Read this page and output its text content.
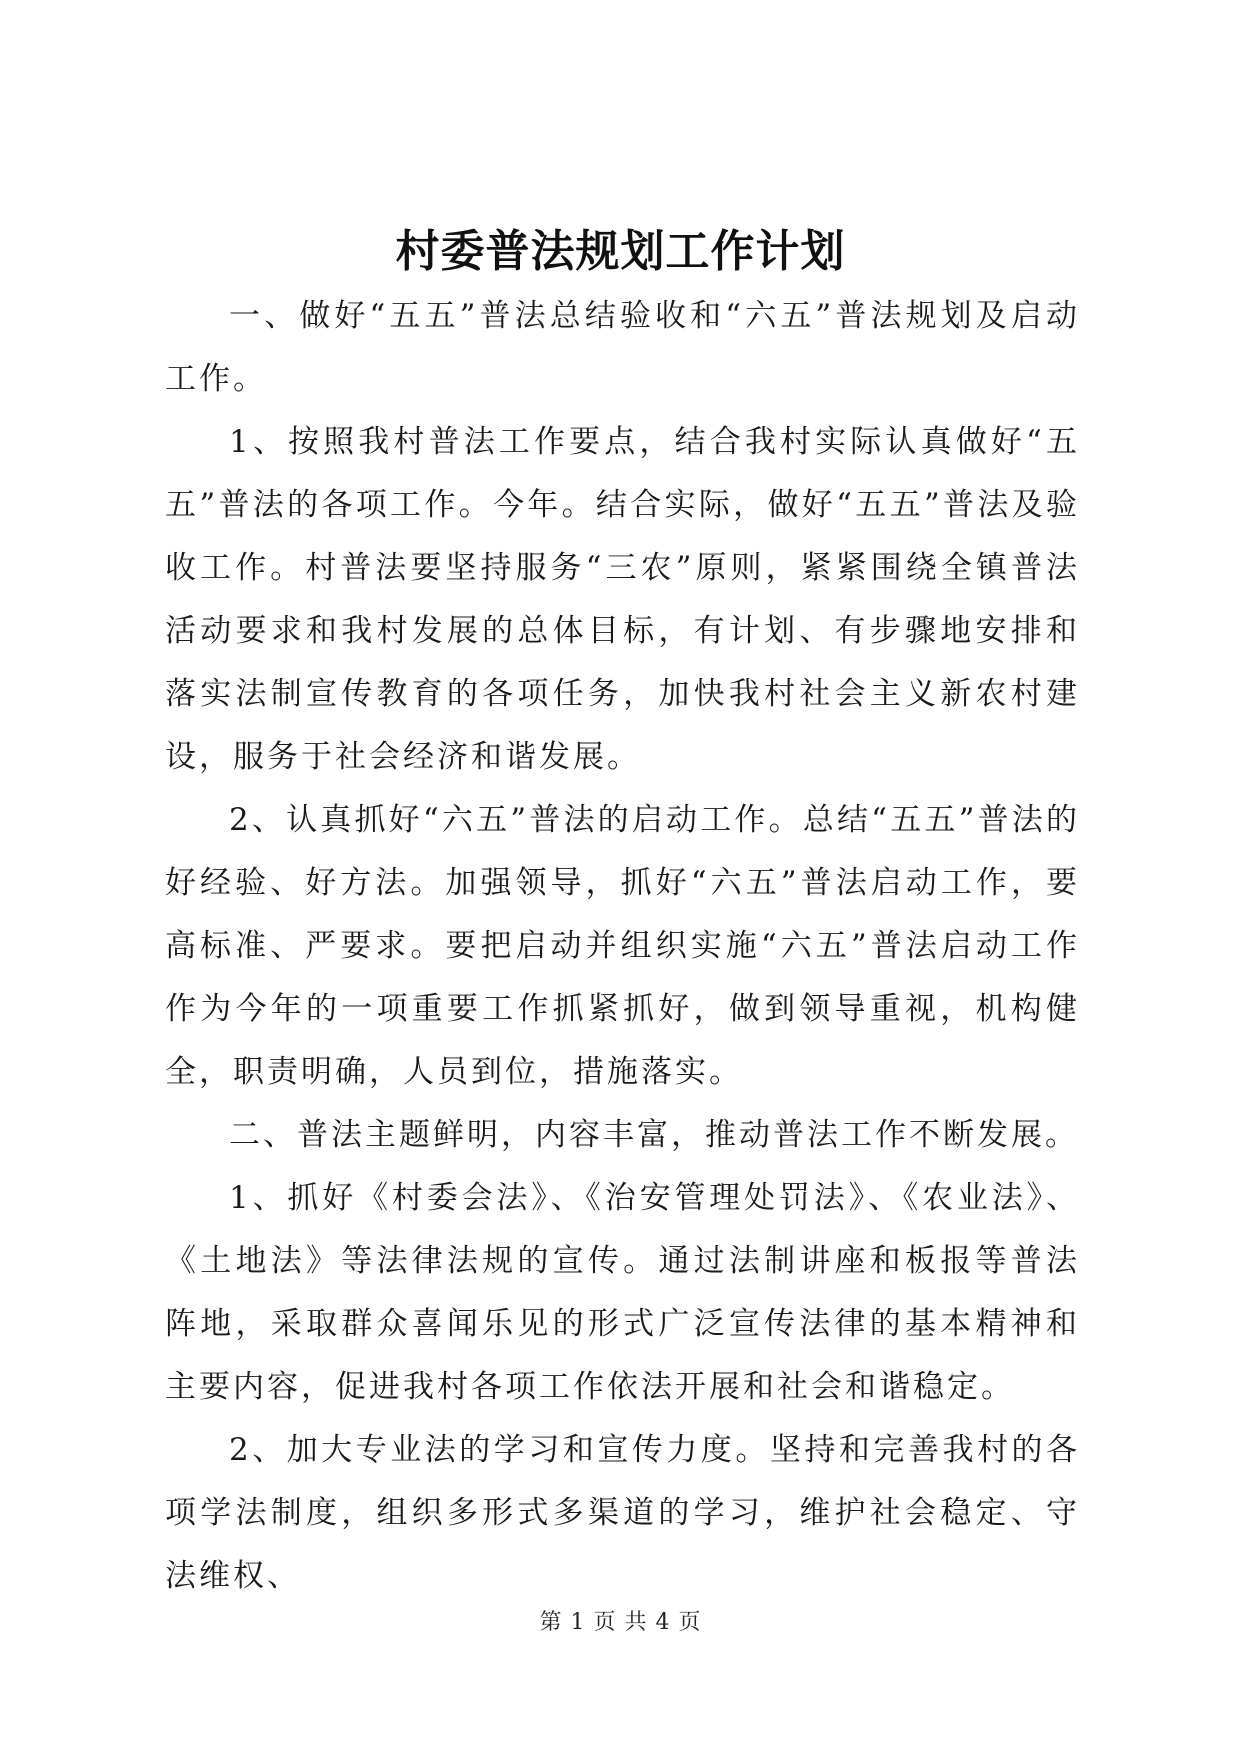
村委普法规划工作计划

一、做好“五五”普法总结验收和“六五”普法规划及启动工作。

1、按照我村普法工作要点，结合我村实际认真做好“五五”普法的各项工作。今年。结合实际，做好“五五”普法及验收工作。村普法要坚持服务“三农”原则，紧紧围绕全镇普法活动要求和我村发展的总体目标，有计划、有步骤地安排和落实法制宣传教育的各项任务，加快我村社会主义新农村建设，服务于社会经济和谐发展。

2、认真抓好“六五”普法的启动工作。总结“五五”普法的好经验、好方法。加强领导，抓好“六五”普法启动工作，要高标准、严要求。要把启动并组织实施“六五”普法启动工作作为今年的一项重要工作抓紧抓好，做到领导重视，机构健全，职责明确，人员到位，措施落实。

二、普法主题鲜明，内容丰富，推动普法工作不断发展。

1、抓好《村委会法》、《治安管理处罚法》、《农业法》、《土地法》等法律法规的宣传。通过法制讲座和板报等普法阵地，采取群众喜闻乐见的形式广泛宣传法律的基本精神和主要内容，促进我村各项工作依法开展和社会和谐稳定。

2、加大专业法的学习和宣传力度。坚持和完善我村的各项学法制度，组织多形式多渠道的学习，维护社会稳定、守法维权、

第 1 页 共 4 页
